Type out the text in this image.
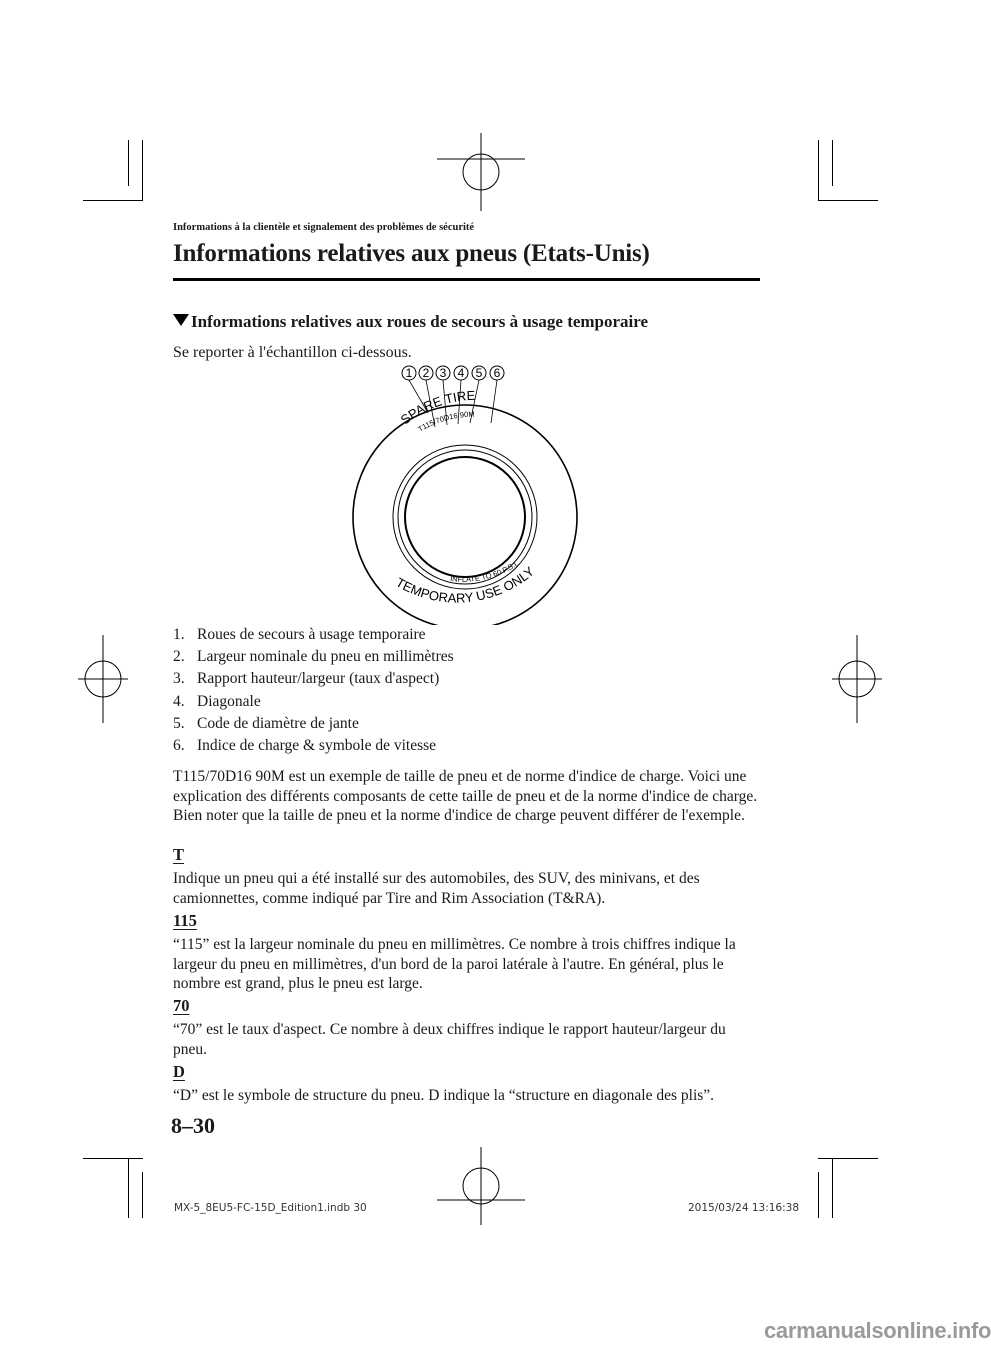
Informations à la clientèle et signalement des problèmes de sécurité
Informations relatives aux pneus (Etats-Unis)
Informations relatives aux roues de secours à usage temporaire
Se reporter à l'échantillon ci-dessous.
1 2 3 4 5 6
SPARE TIRE
T115/70D16 90M
TEMPORARY USE ONLY
INFLATE TO 60 P.S.I.
1. Roues de secours à usage temporaire
2. Largeur nominale du pneu en millimètres
3. Rapport hauteur/largeur (taux d'aspect)
4. Diagonale
5. Code de diamètre de jante
6. Indice de charge & symbole de vitesse

T115/70D16 90M est un exemple de taille de pneu et de norme d'indice de charge. Voici une explication des différents composants de cette taille de pneu et de la norme d'indice de charge. Bien noter que la taille de pneu et la norme d'indice de charge peuvent différer de l'exemple.

T

Indique un pneu qui a été installé sur des automobiles, des SUV, des minivans, et des camionnettes, comme indiqué par Tire and Rim Association (T&RA).

115

“115” est la largeur nominale du pneu en millimètres. Ce nombre à trois chiffres indique la largeur du pneu en millimètres, d'un bord de la paroi latérale à l'autre. En général, plus le nombre est grand, plus le pneu est large.

70

“70” est le taux d'aspect. Ce nombre à deux chiffres indique le rapport hauteur/largeur du pneu.

D

“D” est le symbole de structure du pneu. D indique la “structure en diagonale des plis”.

8–30
MX-5_8EU5-FC-15D_Edition1.indb 30	2015/03/24 13:16:38
carmanualsonline.info
